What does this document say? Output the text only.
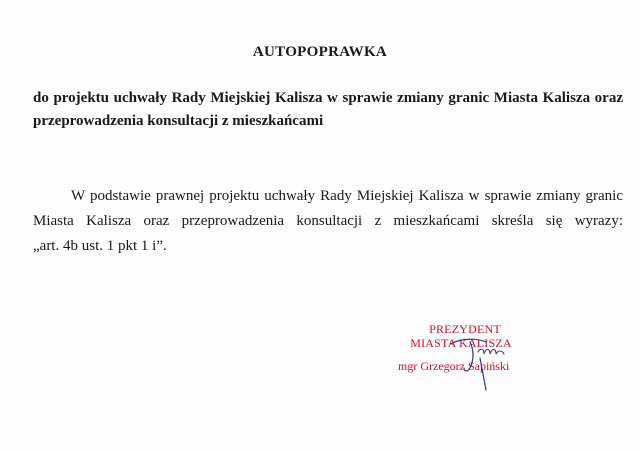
AUTOPOPRAWKA
do projektu uchwały Rady Miejskiej Kalisza w sprawie zmiany granic Miasta Kalisza oraz
przeprowadzenia konsultacji z mieszkańcami
W podstawie prawnej projektu uchwały Rady Miejskiej Kalisza w sprawie zmiany granic
Miasta Kalisza oraz przeprowadzenia konsultacji z mieszkańcami skreśla się wyrazy:
„art. 4b ust. 1 pkt 1 i”.
PREZYDENT
MIASTA KALISZA
mgr Grzegorz Sapiński
